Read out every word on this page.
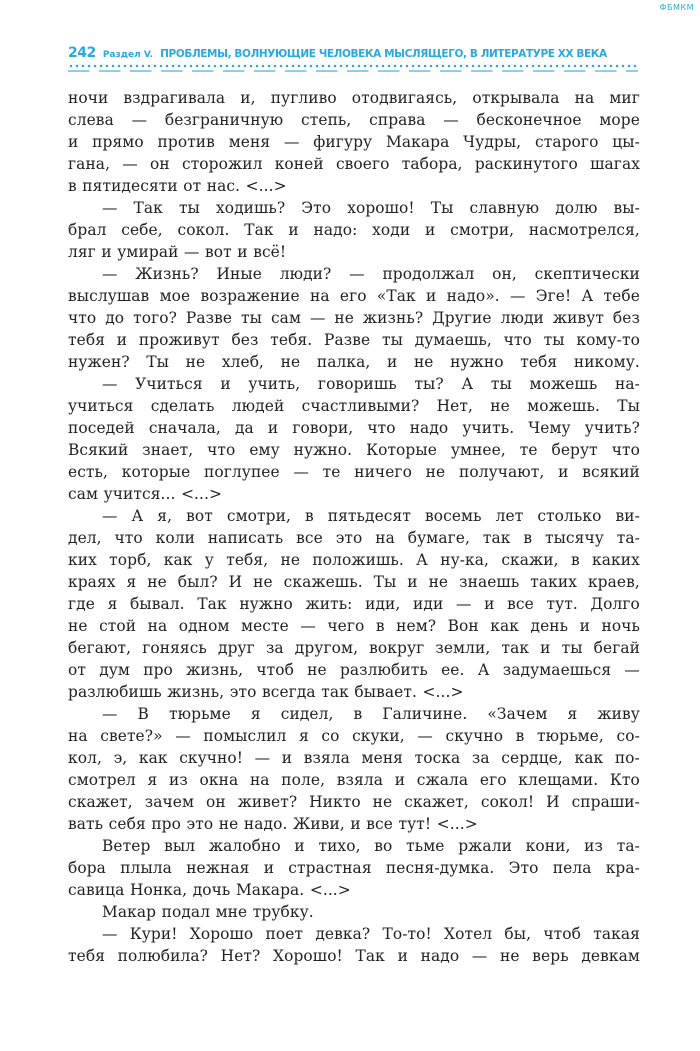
ФБМКМ
242 Раздел V. ПРОБЛЕМЫ, ВОЛНУЮЩИЕ ЧЕЛОВЕКА МЫСЛЯЩЕГО, В ЛИТЕРАТУРЕ XX ВЕКА
ночи вздрагивала и, пугливо отодвигаясь, открывала на миг
слева — безграничную степь, справа — бесконечное море
и прямо против меня — фигуру Макара Чудры, старого цы-
гана, — он сторожил коней своего табора, раскинутого шагах
в пятидесяти от нас. <...>
— Так ты ходишь? Это хорошо! Ты славную долю вы-
брал себе, сокол. Так и надо: ходи и смотри, насмотрелся,
ляг и умирай — вот и всё!
— Жизнь? Иные люди? — продолжал он, скептически
выслушав мое возражение на его «Так и надо». — Эге! А тебе
что до того? Разве ты сам — не жизнь? Другие люди живут без
тебя и проживут без тебя. Разве ты думаешь, что ты кому-то
нужен? Ты не хлеб, не палка, и не нужно тебя никому.
— Учиться и учить, говоришь ты? А ты можешь на-
учиться сделать людей счастливыми? Нет, не можешь. Ты
поседей сначала, да и говори, что надо учить. Чему учить?
Всякий знает, что ему нужно. Которые умнее, те берут что
есть, которые поглупее — те ничего не получают, и всякий
сам учится... <...>
— А я, вот смотри, в пятьдесят восемь лет столько ви-
дел, что коли написать все это на бумаге, так в тысячу та-
ких торб, как у тебя, не положишь. А ну-ка, скажи, в каких
краях я не был? И не скажешь. Ты и не знаешь таких краев,
где я бывал. Так нужно жить: иди, иди — и все тут. Долго
не стой на одном месте — чего в нем? Вон как день и ночь
бегают, гоняясь друг за другом, вокруг земли, так и ты бегай
от дум про жизнь, чтоб не разлюбить ее. А задумаешься —
разлюбишь жизнь, это всегда так бывает. <...>
— В тюрьме я сидел, в Галичине. «Зачем я живу
на свете?» — помыслил я со скуки, — скучно в тюрьме, со-
кол, э, как скучно! — и взяла меня тоска за сердце, как по-
смотрел я из окна на поле, взяла и сжала его клещами. Кто
скажет, зачем он живет? Никто не скажет, сокол! И спраши-
вать себя про это не надо. Живи, и все тут! <...>
Ветер выл жалобно и тихо, во тьме ржали кони, из та-
бора плыла нежная и страстная песня-думка. Это пела кра-
савица Нонка, дочь Макара. <...>
Макар подал мне трубку.
— Кури! Хорошо поет девка? То-то! Хотел бы, чтоб такая
тебя полюбила? Нет? Хорошо! Так и надо — не верь девкам
